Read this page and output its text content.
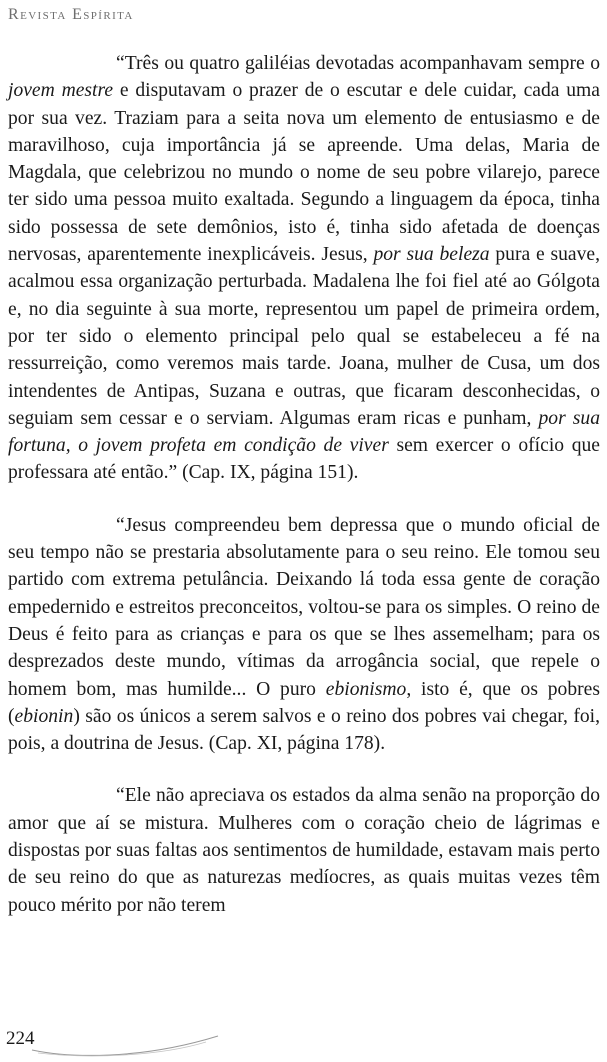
Revista Espírita

“Três ou quatro galiléias devotadas acompanhavam sempre o jovem mestre e disputavam o prazer de o escutar e dele cuidar, cada uma por sua vez. Traziam para a seita nova um elemento de entusiasmo e de maravilhoso, cuja importância já se apreende. Uma delas, Maria de Magdala, que celebrizou no mundo o nome de seu pobre vilarejo, parece ter sido uma pessoa muito exaltada. Segundo a linguagem da época, tinha sido possessa de sete demônios, isto é, tinha sido afetada de doenças nervosas, aparentemente inexplicáveis. Jesus, por sua beleza pura e suave, acalmou essa organização perturbada. Madalena lhe foi fiel até ao Gólgota e, no dia seguinte à sua morte, representou um papel de primeira ordem, por ter sido o elemento principal pelo qual se estabeleceu a fé na ressurreição, como veremos mais tarde. Joana, mulher de Cusa, um dos intendentes de Antipas, Suzana e outras, que ficaram desconhecidas, o seguiam sem cessar e o serviam. Algumas eram ricas e punham, por sua fortuna, o jovem profeta em condição de viver sem exercer o ofício que professara até então.” (Cap. IX, página 151).

“Jesus compreendeu bem depressa que o mundo oficial de seu tempo não se prestaria absolutamente para o seu reino. Ele tomou seu partido com extrema petulância. Deixando lá toda essa gente de coração empedernido e estreitos preconceitos, voltou-se para os simples. O reino de Deus é feito para as crianças e para os que se lhes assemelham; para os desprezados deste mundo, vítimas da arrogância social, que repele o homem bom, mas humilde... O puro ebionismo, isto é, que os pobres (ebionin) são os únicos a serem salvos e o reino dos pobres vai chegar, foi, pois, a doutrina de Jesus. (Cap. XI, página 178).

“Ele não apreciava os estados da alma senão na proporção do amor que aí se mistura. Mulheres com o coração cheio de lágrimas e dispostas por suas faltas aos sentimentos de humildade, estavam mais perto de seu reino do que as naturezas medíocres, as quais muitas vezes têm pouco mérito por não terem

224
